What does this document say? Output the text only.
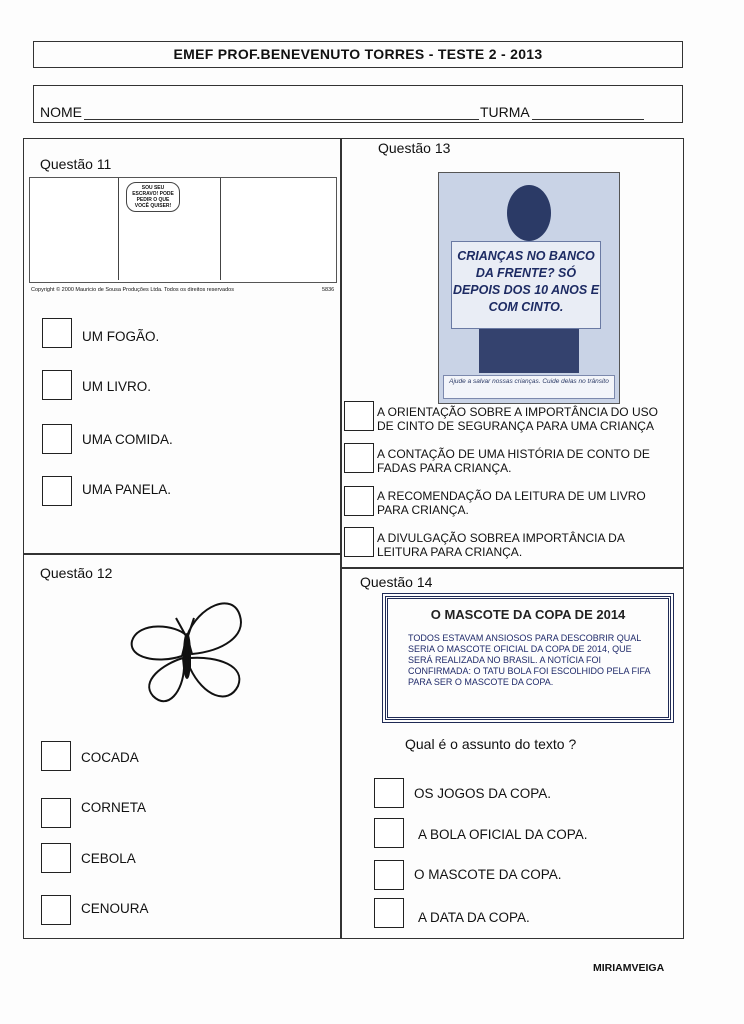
EMEF PROF.BENEVENUTO TORRES - TESTE 2 - 2013
NOME	TURMA
Questão 11
SOU SEU ESCRAVO! PODE PEDIR O QUE VOCÊ QUISER!
Copyright © 2000 Mauricio de Sousa Produções Ltda. Todos os direitos reservados	5836
UM FOGÃO.
UM LIVRO.
UMA COMIDA.
UMA PANELA.
Questão 12
COCADA
CORNETA
CEBOLA
CENOURA
Questão 13
CRIANÇAS NO BANCO DA FRENTE? SÓ DEPOIS DOS 10 ANOS E COM CINTO.
Ajude a salvar nossas crianças. Cuide delas no trânsito
A ORIENTAÇÃO SOBRE A IMPORTÂNCIA DO USO DE CINTO DE SEGURANÇA PARA UMA CRIANÇA
A CONTAÇÃO DE UMA HISTÓRIA DE CONTO DE FADAS PARA CRIANÇA.
A RECOMENDAÇÃO DA LEITURA DE UM LIVRO PARA CRIANÇA.
A DIVULGAÇÃO SOBREA IMPORTÂNCIA DA LEITURA PARA CRIANÇA.
Questão 14
O MASCOTE DA COPA DE 2014
TODOS ESTAVAM ANSIOSOS PARA DESCOBRIR QUAL SERIA O MASCOTE OFICIAL DA COPA DE 2014, QUE SERÁ REALIZADA NO BRASIL. A NOTÍCIA FOI CONFIRMADA: O TATU BOLA FOI ESCOLHIDO PELA FIFA PARA SER O MASCOTE DA COPA.
Qual é o assunto do texto ?
OS JOGOS DA COPA.
A BOLA OFICIAL DA COPA.
O MASCOTE DA COPA.
A DATA DA COPA.
MIRIAMVEIGA
